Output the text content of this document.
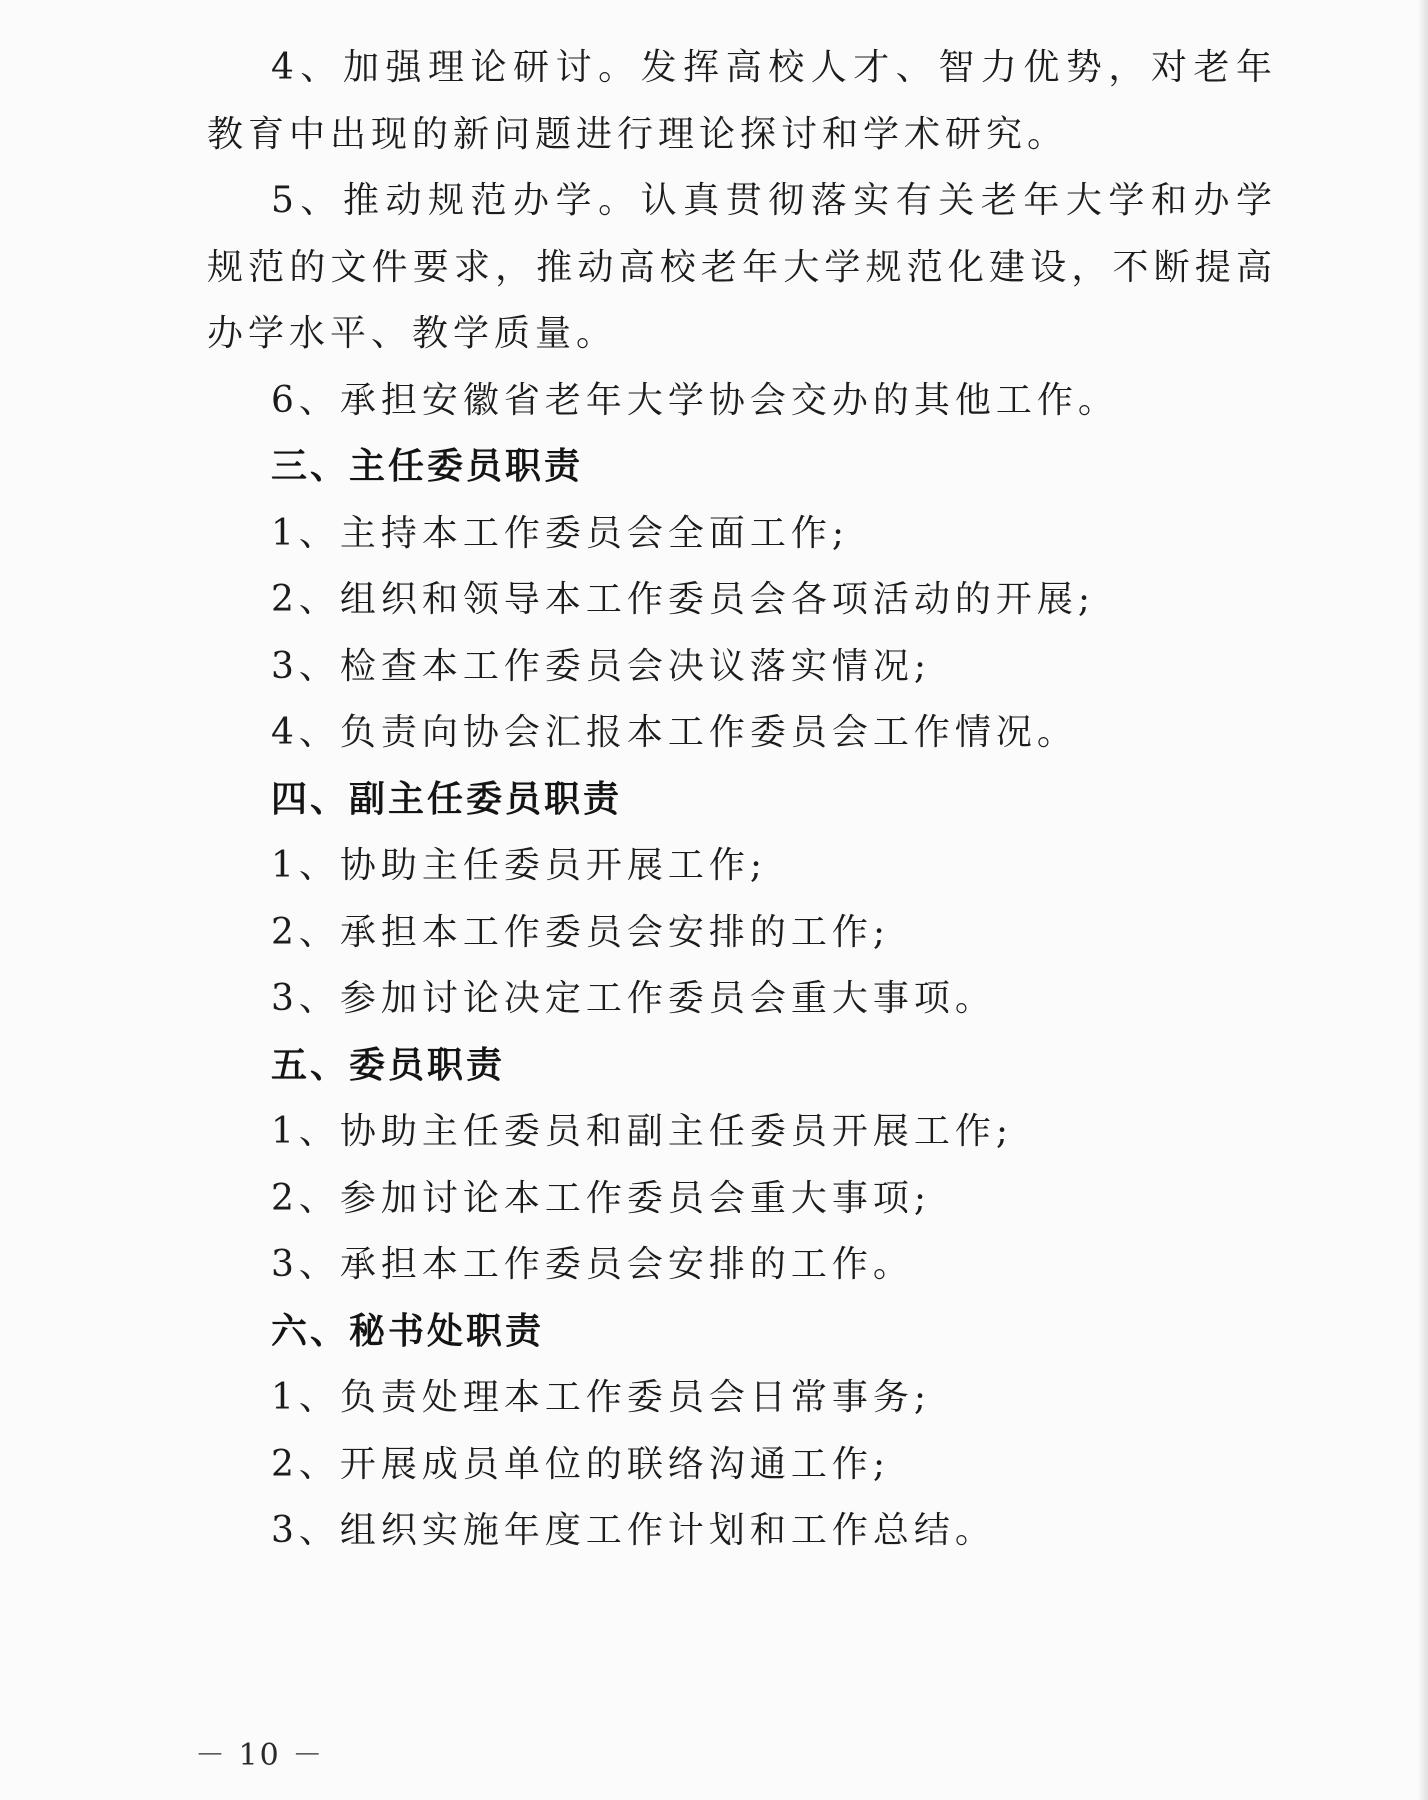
4、加强理论研讨。发挥高校人才、智力优势，对老年教育中出现的新问题进行理论探讨和学术研究。

5、推动规范办学。认真贯彻落实有关老年大学和办学规范的文件要求，推动高校老年大学规范化建设，不断提高办学水平、教学质量。

6、承担安徽省老年大学协会交办的其他工作。

三、主任委员职责

1、主持本工作委员会全面工作;

2、组织和领导本工作委员会各项活动的开展;

3、检查本工作委员会决议落实情况;

4、负责向协会汇报本工作委员会工作情况。

四、副主任委员职责

1、协助主任委员开展工作;

2、承担本工作委员会安排的工作;

3、参加讨论决定工作委员会重大事项。

五、委员职责

1、协助主任委员和副主任委员开展工作;

2、参加讨论本工作委员会重大事项;

3、承担本工作委员会安排的工作。

六、秘书处职责

1、负责处理本工作委员会日常事务;

2、开展成员单位的联络沟通工作;

3、组织实施年度工作计划和工作总结。

－ 10 －
